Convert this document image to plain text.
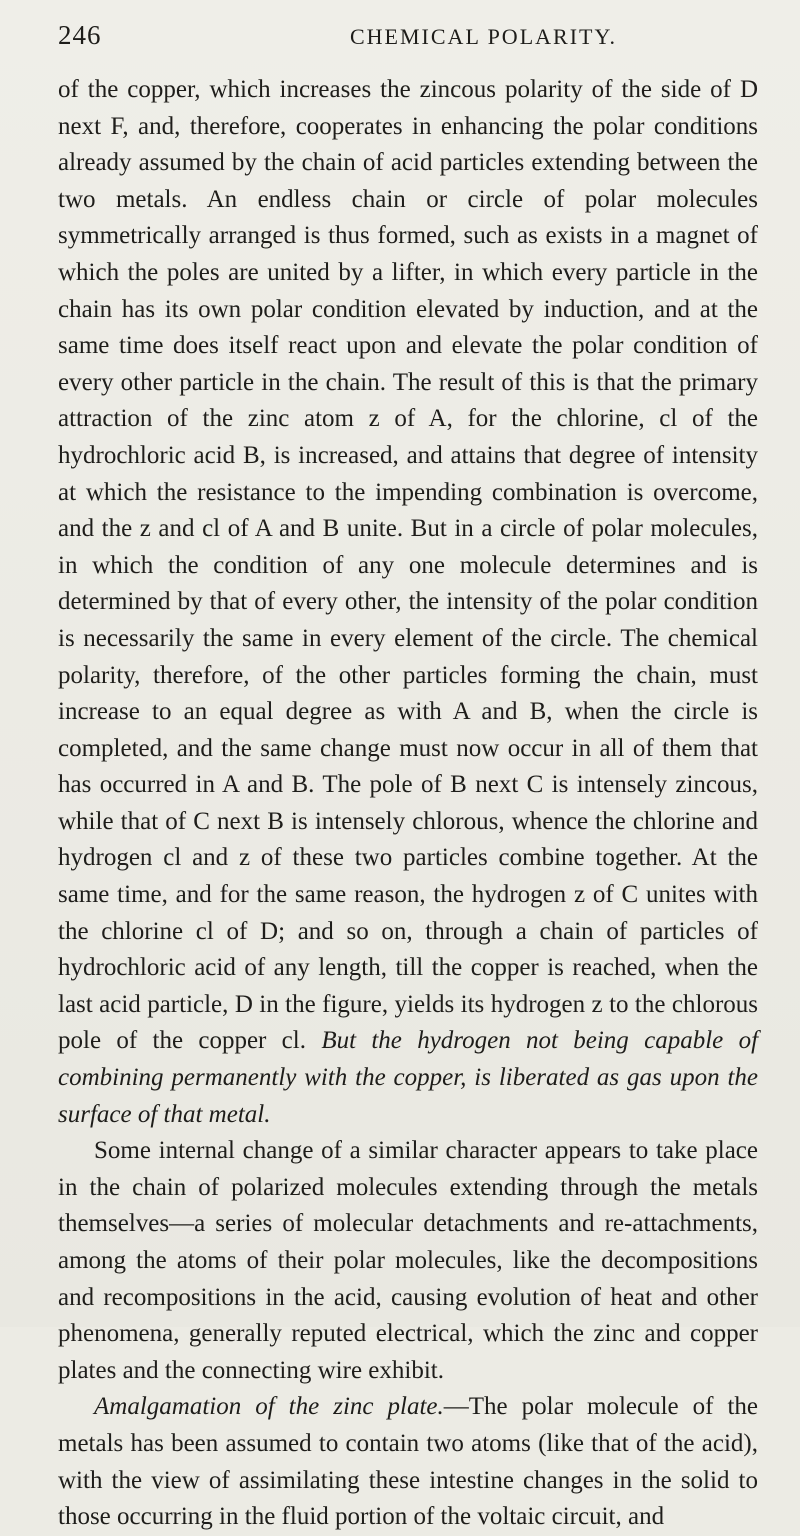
246	CHEMICAL POLARITY.

of the copper, which increases the zincous polarity of the side of D next F, and, therefore, cooperates in enhancing the polar conditions already assumed by the chain of acid particles extending between the two metals. An endless chain or circle of polar molecules symmetrically arranged is thus formed, such as exists in a magnet of which the poles are united by a lifter, in which every particle in the chain has its own polar condition elevated by induction, and at the same time does itself react upon and elevate the polar condition of every other particle in the chain. The result of this is that the primary attraction of the zinc atom z of A, for the chlorine, cl of the hydrochloric acid B, is increased, and attains that degree of intensity at which the resistance to the impending combination is overcome, and the z and cl of A and B unite. But in a circle of polar molecules, in which the condition of any one molecule determines and is determined by that of every other, the intensity of the polar condition is necessarily the same in every element of the circle. The chemical polarity, therefore, of the other particles forming the chain, must increase to an equal degree as with A and B, when the circle is completed, and the same change must now occur in all of them that has occurred in A and B. The pole of B next C is intensely zincous, while that of C next B is intensely chlorous, whence the chlorine and hydrogen cl and z of these two particles combine together. At the same time, and for the same reason, the hydrogen z of C unites with the chlorine cl of D; and so on, through a chain of particles of hydrochloric acid of any length, till the copper is reached, when the last acid particle, D in the figure, yields its hydrogen z to the chlorous pole of the copper cl. But the hydrogen not being capable of combining permanently with the copper, is liberated as gas upon the surface of that metal.

Some internal change of a similar character appears to take place in the chain of polarized molecules extending through the metals themselves—a series of molecular detachments and re-attachments, among the atoms of their polar molecules, like the decompositions and recompositions in the acid, causing evolution of heat and other phenomena, generally reputed electrical, which the zinc and copper plates and the connecting wire exhibit.

Amalgamation of the zinc plate.—The polar molecule of the metals has been assumed to contain two atoms (like that of the acid), with the view of assimilating these intestine changes in the solid to those occurring in the fluid portion of the voltaic circuit, and
